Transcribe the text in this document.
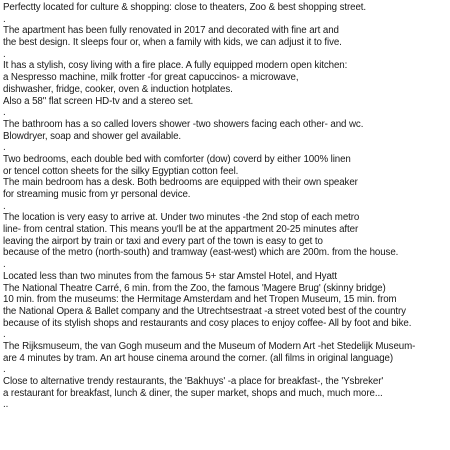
Perfectty located for culture & shopping: close to theaters, Zoo & best shopping street.
.
The apartment has been fully renovated in 2017 and decorated with fine art and
the best design. It sleeps four or, when a family with kids, we can adjust it to five.
.
It has a stylish, cosy living with a fire place. A fully equipped modern open kitchen:
a Nespresso machine, milk frotter -for great capuccinos- a microwave,
dishwasher, fridge, cooker, oven & induction hotplates.
Also a 58" flat screen HD-tv and a stereo set.
.
The bathroom has a so called lovers shower -two showers facing each other- and wc.
Blowdryer, soap and shower gel available.
.
Two bedrooms, each double bed with comforter (dow) coverd by either 100% linen
or tencel cotton sheets for the silky Egyptian cotton feel.
The main bedroom has a desk. Both bedrooms are equipped with their own speaker
for streaming music from yr personal device.
.
The location is very easy to arrive at. Under two minutes -the 2nd stop of each metro
line- from central station. This means you'll be at the appartment 20-25 minutes after
leaving the airport by train or taxi and every part of the town is easy to get to
because of the metro (north-south) and tramway (east-west) which are 200m. from the house.
.
Located less than two minutes from the famous 5+ star Amstel Hotel, and Hyatt
The National Theatre Carré, 6 min. from the Zoo, the famous 'Magere Brug' (skinny bridge)
10 min. from the museums: the Hermitage Amsterdam and het Tropen Museum, 15 min. from
the National Opera & Ballet company and the Utrechtsestraat -a street voted best of the country
because of its stylish shops and restaurants and cosy places to enjoy coffee- All by foot and bike.
.
The Rijksmuseum, the van Gogh museum and the Museum of Modern Art -het Stedelijk Museum-
are 4 minutes by tram. An art house cinema around the corner. (all films in original language)
.
Close to alternative trendy restaurants, the 'Bakhuys' -a place for breakfast-, the 'Ysbreker'
a restaurant for breakfast, lunch & diner, the super market, shops and much, much more...
..
